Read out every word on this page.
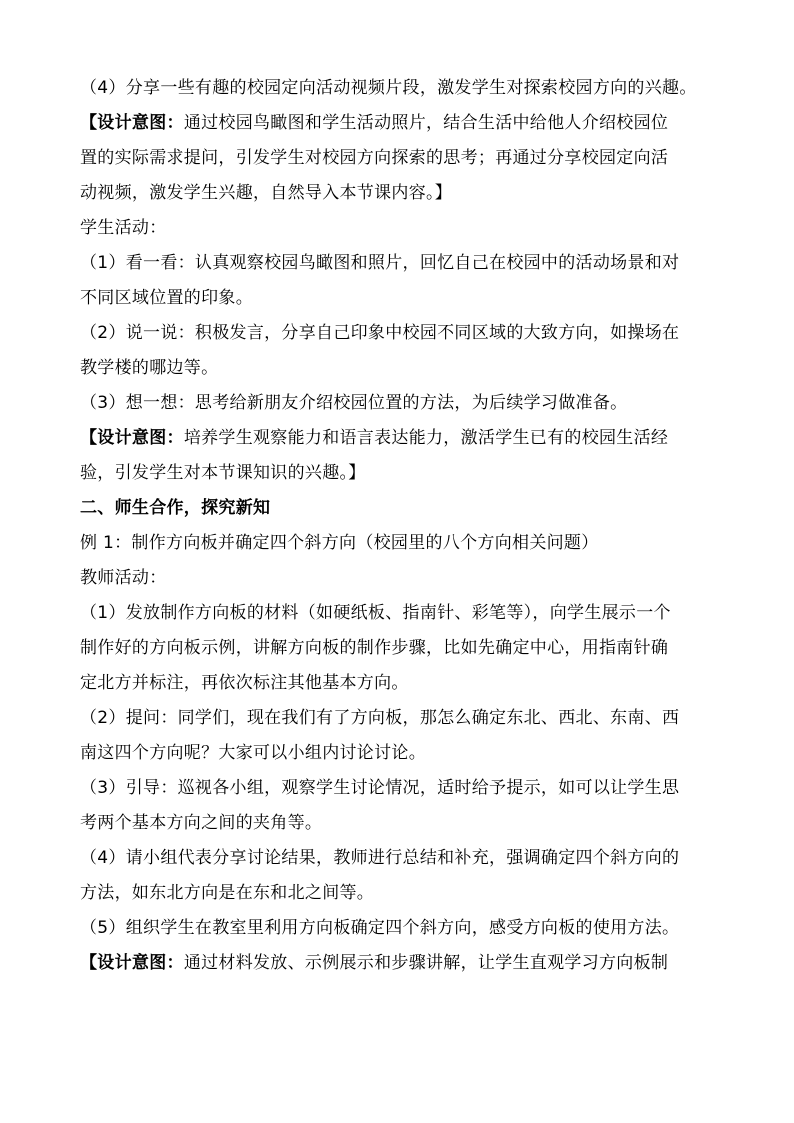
（4）分享一些有趣的校园定向活动视频片段，激发学生对探索校园方向的兴趣。
【设计意图：通过校园鸟瞰图和学生活动照片，结合生活中给他人介绍校园位
置的实际需求提问，引发学生对校园方向探索的思考；再通过分享校园定向活
动视频，激发学生兴趣，自然导入本节课内容。】
学生活动：
（1）看一看：认真观察校园鸟瞰图和照片，回忆自己在校园中的活动场景和对
不同区域位置的印象。
（2）说一说：积极发言，分享自己印象中校园不同区域的大致方向，如操场在
教学楼的哪边等。
（3）想一想：思考给新朋友介绍校园位置的方法，为后续学习做准备。
【设计意图：培养学生观察能力和语言表达能力，激活学生已有的校园生活经
验，引发学生对本节课知识的兴趣。】
二、师生合作，探究新知
例 1：制作方向板并确定四个斜方向（校园里的八个方向相关问题）
教师活动：
（1）发放制作方向板的材料（如硬纸板、指南针、彩笔等），向学生展示一个
制作好的方向板示例，讲解方向板的制作步骤，比如先确定中心，用指南针确
定北方并标注，再依次标注其他基本方向。
（2）提问：同学们，现在我们有了方向板，那怎么确定东北、西北、东南、西
南这四个方向呢？大家可以小组内讨论讨论。
（3）引导：巡视各小组，观察学生讨论情况，适时给予提示，如可以让学生思
考两个基本方向之间的夹角等。
（4）请小组代表分享讨论结果，教师进行总结和补充，强调确定四个斜方向的
方法，如东北方向是在东和北之间等。
（5）组织学生在教室里利用方向板确定四个斜方向，感受方向板的使用方法。
【设计意图：通过材料发放、示例展示和步骤讲解，让学生直观学习方向板制
